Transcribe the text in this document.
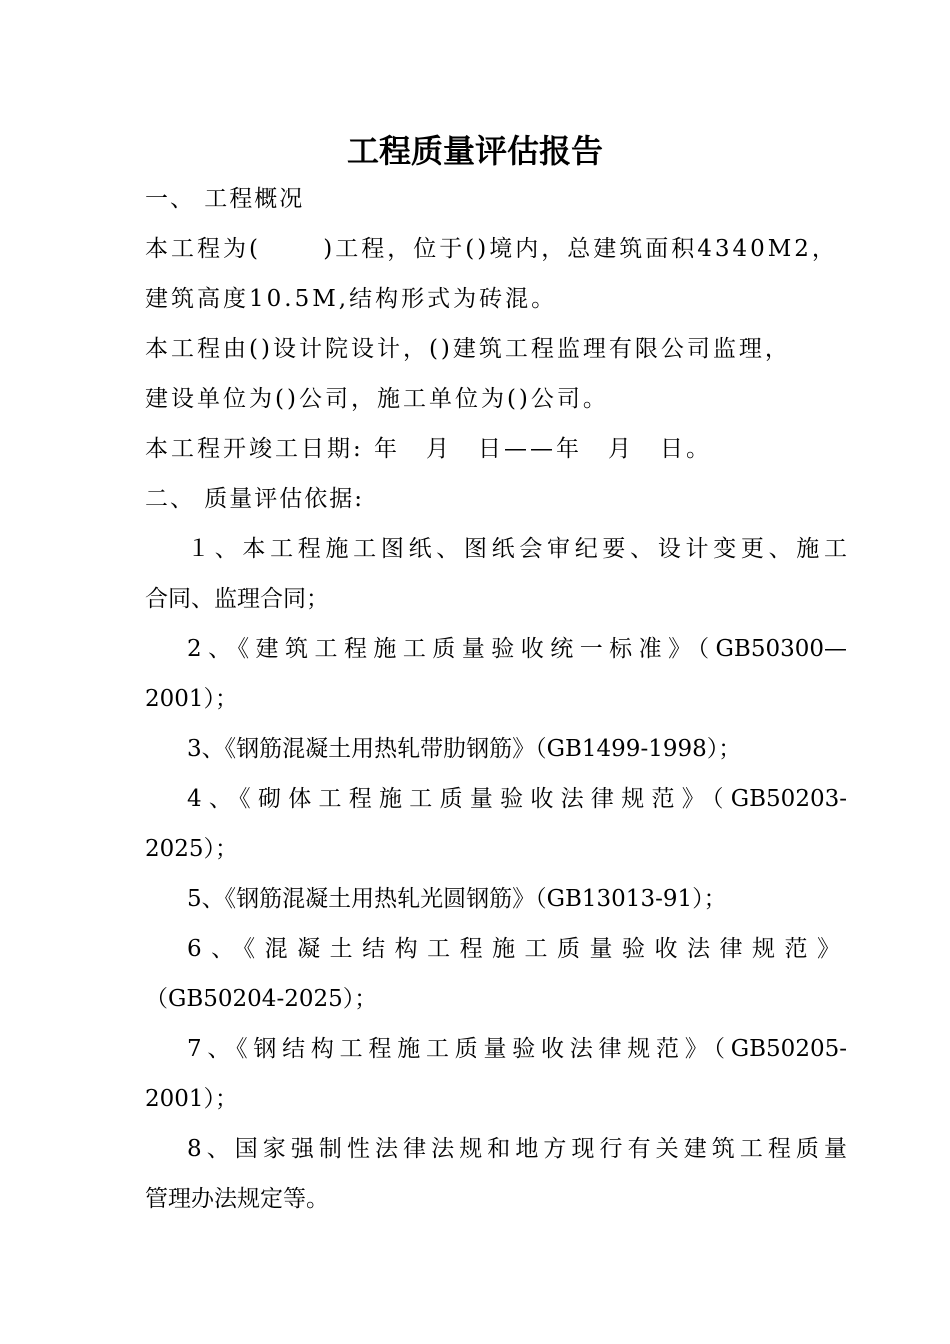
工程质量评估报告
一、 工程概况
本工程为(　　 )工程，位于()境内，总建筑面积4340M2，
建筑高度10.5M,结构形式为砖混。
本工程由()设计院设计，()建筑工程监理有限公司监理，
建设单位为()公司，施工单位为()公司。
本工程开竣工日期: 年　月　日——年　月　日。
二、 质量评估依据:
１、本工程施工图纸、图纸会审纪要、设计变更、施工
合同、监理合同；
2、《建筑工程施工质量验收统一标准》（GB50300—
2001）；
3、《钢筋混凝土用热轧带肋钢筋》（GB1499-1998）；
4、《砌体工程施工质量验收法律规范》（GB50203-
2025）；
5、《钢筋混凝土用热轧光圆钢筋》（GB13013-91）；
6、《混凝土结构工程施工质量验收法律规范》
（GB50204-2025）；
7、《钢结构工程施工质量验收法律规范》（GB50205-
2001）；
8、国家强制性法律法规和地方现行有关建筑工程质量
管理办法规定等。
